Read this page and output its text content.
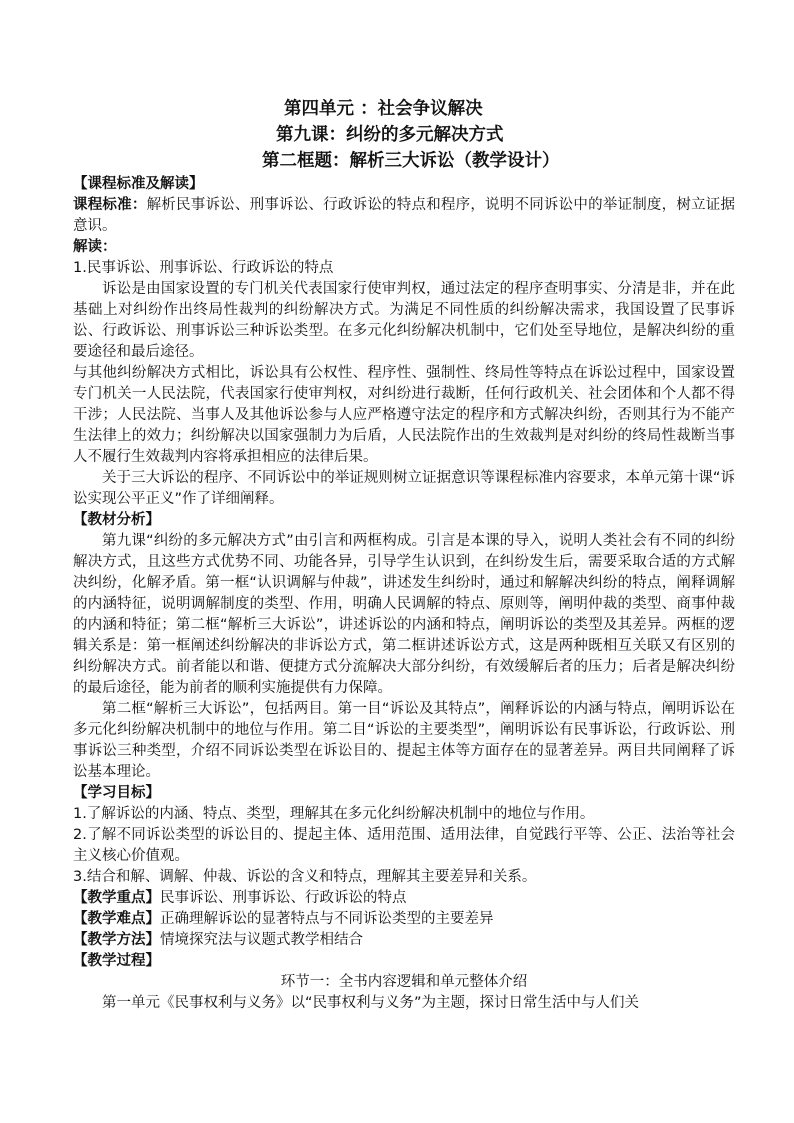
第四单元 ：社会争议解决
第九课：纠纷的多元解决方式
第二框题：解析三大诉讼（教学设计）

【课程标准及解读】

课程标准：解析民事诉讼、刑事诉讼、行政诉讼的特点和程序，说明不同诉讼中的举证制度，树立证据意识。

解读：

1.民事诉讼、刑事诉讼、行政诉讼的特点

诉讼是由国家设置的专门机关代表国家行使审判权，通过法定的程序查明事实、分清是非，并在此基础上对纠纷作出终局性裁判的纠纷解决方式。为满足不同性质的纠纷解决需求，我国设置了民事诉讼、行政诉讼、刑事诉讼三种诉讼类型。在多元化纠纷解决机制中，它们处至导地位，是解决纠纷的重要途径和最后途径。

与其他纠纷解决方式相比，诉讼具有公权性、程序性、强制性、终局性等特点在诉讼过程中，国家设置专门机关一人民法院，代表国家行使审判权，对纠纷进行裁断，任何行政机关、社会团体和个人都不得干涉；人民法院、当事人及其他诉讼参与人应严格遵守法定的程序和方式解决纠纷，否则其行为不能产生法律上的效力；纠纷解决以国家强制力为后盾，人民法院作出的生效裁判是对纠纷的终局性裁断当事人不履行生效裁判内容将承担相应的法律后果。

关于三大诉讼的程序、不同诉讼中的举证规则树立证据意识等课程标准内容要求，本单元第十课“诉讼实现公平正义”作了详细阐释。

【教材分析】

第九课“纠纷的多元解决方式”由引言和两框构成。引言是本课的导入，说明人类社会有不同的纠纷解决方式，且这些方式优势不同、功能各异，引导学生认识到，在纠纷发生后，需要采取合适的方式解决纠纷，化解矛盾。第一框“认识调解与仲裁”，讲述发生纠纷时，通过和解解决纠纷的特点，阐释调解的内涵特征，说明调解制度的类型、作用，明确人民调解的特点、原则等，阐明仲裁的类型、商事仲裁的内涵和特征；第二框“解析三大诉讼”，讲述诉讼的内涵和特点，阐明诉讼的类型及其差异。两框的逻辑关系是：第一框阐述纠纷解决的非诉讼方式，第二框讲述诉讼方式，这是两种既相互关联又有区别的纠纷解决方式。前者能以和谐、便捷方式分流解决大部分纠纷，有效缓解后者的压力；后者是解决纠纷的最后途径，能为前者的顺利实施提供有力保障。

第二框“解析三大诉讼”，包括两目。第一目“诉讼及其特点”，阐释诉讼的内涵与特点，阐明诉讼在多元化纠纷解决机制中的地位与作用。第二目“诉讼的主要类型”，阐明诉讼有民事诉讼，行政诉讼、刑事诉讼三种类型，介绍不同诉讼类型在诉讼目的、提起主体等方面存在的显著差异。两目共同阐释了诉讼基本理论。

【学习目标】

1.了解诉讼的内涵、特点、类型，理解其在多元化纠纷解决机制中的地位与作用。

2.了解不同诉讼类型的诉讼目的、提起主体、适用范围、适用法律，自觉践行平等、公正、法治等社会主义核心价值观。

3.结合和解、调解、仲裁、诉讼的含义和特点，理解其主要差异和关系。

【教学重点】民事诉讼、刑事诉讼、行政诉讼的特点

【教学难点】正确理解诉讼的显著特点与不同诉讼类型的主要差异

【教学方法】情境探究法与议题式教学相结合

【教学过程】

环节一：全书内容逻辑和单元整体介绍

第一单元《民事权利与义务》以“民事权利与义务”为主题，探讨日常生活中与人们关
